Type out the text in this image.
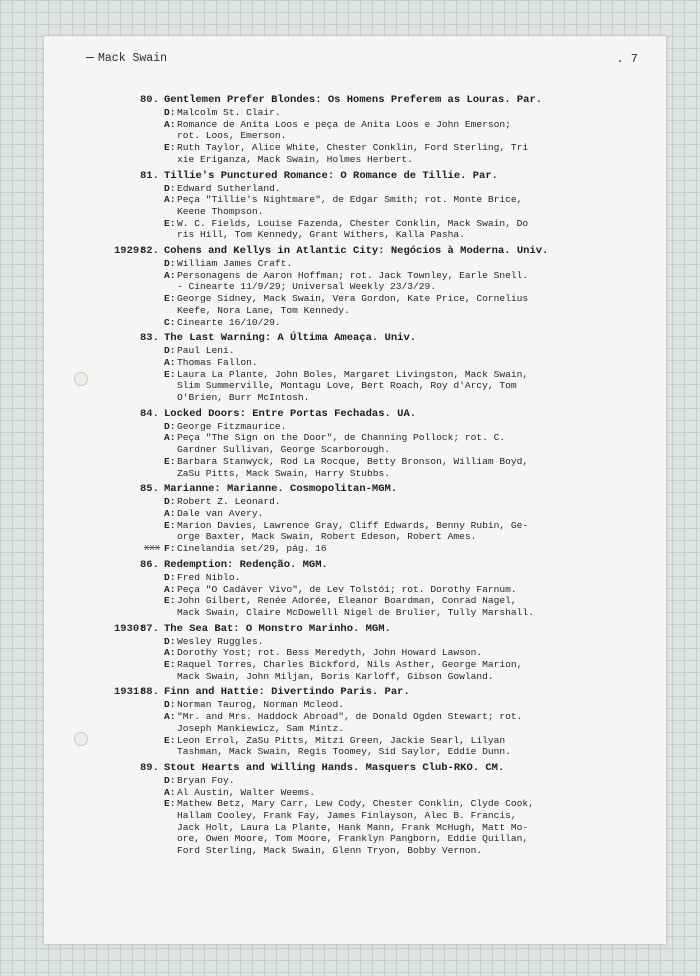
Mack Swain	. 7
80. Gentlemen Prefer Blondes: Os Homens Preferem as Louras. Par.
D: Malcolm St. Clair.
A: Romance de Anita Loos e peça de Anita Loos e John Emerson;
rot. Loos, Emerson.
E: Ruth Taylor, Alice White, Chester Conklin, Ford Sterling, Tri
xie Eriganza, Mack Swain, Holmes Herbert.
81. Tillie's Punctured Romance: O Romance de Tillie. Par.
D: Edward Sutherland.
A: Peça "Tillie's Nightmare", de Edgar Smith; rot. Monte Brice,
Keene Thompson.
E: W. C. Fields, Louise Fazenda, Chester Conklin, Mack Swain, Do
ris Hill, Tom Kennedy, Grant Withers, Kalla Pasha.
1929:
82. Cohens and Kellys in Atlantic City: Negócios à Moderna. Univ.
D: William James Craft.
A: Personagens de Aaron Hoffman; rot. Jack Townley, Earle Snell.
- Cinearte 11/9/29; Universal Weekly 23/3/29.
E: George Sidney, Mack Swain, Vera Gordon, Kate Price, Cornelius
Keefe, Nora Lane, Tom Kennedy.
C: Cinearte 16/10/29.
83. The Last Warning: A Última Ameaça. Univ.
D: Paul Leni.
A: Thomas Fallon.
E: Laura La Plante, John Boles, Margaret Livingston, Mack Swain,
Slim Summerville, Montagu Love, Bert Roach, Roy d'Arcy, Tom
O'Brien, Burr McIntosh.
84. Locked Doors: Entre Portas Fechadas. UA.
D: George Fitzmaurice.
A: Peça "The Sign on the Door", de Channing Pollock; rot. C.
Gardner Sullivan, George Scarborough.
E: Barbara Stanwyck, Rod La Rocque, Betty Bronson, William Boyd,
ZaSu Pitts, Mack Swain, Harry Stubbs.
85. Marianne: Marianne. Cosmopolitan-MGM.
D: Robert Z. Leonard.
A: Dale van Avery.
E: Marion Davies, Lawrence Gray, Cliff Edwards, Benny Rubin, Ge-
orge Baxter, Mack Swain, Robert Edeson, Robert Ames.
xxx F: Cinelandia set/29, pág. 16
86. Redemption: Redenção. MGM.
D: Fred Niblo.
A: Peça "O Cadáver Vivo", de Lev Tolstói; rot. Dorothy Farnum.
E: John Gilbert, Renée Adorée, Eleanor Boardman, Conrad Nagel,
Mack Swain, Claire McDowelll Nigel de Brulier, Tully Marshall.
1930:
87. The Sea Bat: O Monstro Marinho. MGM.
D: Wesley Ruggles.
A: Dorothy Yost; rot. Bess Meredyth, John Howard Lawson.
E: Raquel Torres, Charles Bickford, Nils Asther, George Marion,
Mack Swain, John Miljan, Boris Karloff, Gibson Gowland.
1931:
88. Finn and Hattie: Divertindo Paris. Par.
D: Norman Taurog, Norman Mcleod.
A: "Mr. and Mrs. Haddock Abroad", de Donald Ogden Stewart; rot.
Joseph Mankiewicz, Sam Mintz.
E: Leon Errol, ZaSu Pitts, Mitzi Green, Jackie Searl, Lilyan
Tashman, Mack Swain, Regis Toomey, Sid Saylor, Eddie Dunn.
89. Stout Hearts and Willing Hands. Masquers Club-RKO. CM.
D: Bryan Foy.
A: Al Austin, Walter Weems.
E: Mathew Betz, Mary Carr, Lew Cody, Chester Conklin, Clyde Cook,
Hallam Cooley, Frank Fay, James Finlayson, Alec B. Francis,
Jack Holt, Laura La Plante, Hank Mann, Frank McHugh, Matt Mo-
ore, Owen Moore, Tom Moore, Franklyn Pangborn, Eddie Quillan,
Ford Sterling, Mack Swain, Glenn Tryon, Bobby Vernon.
